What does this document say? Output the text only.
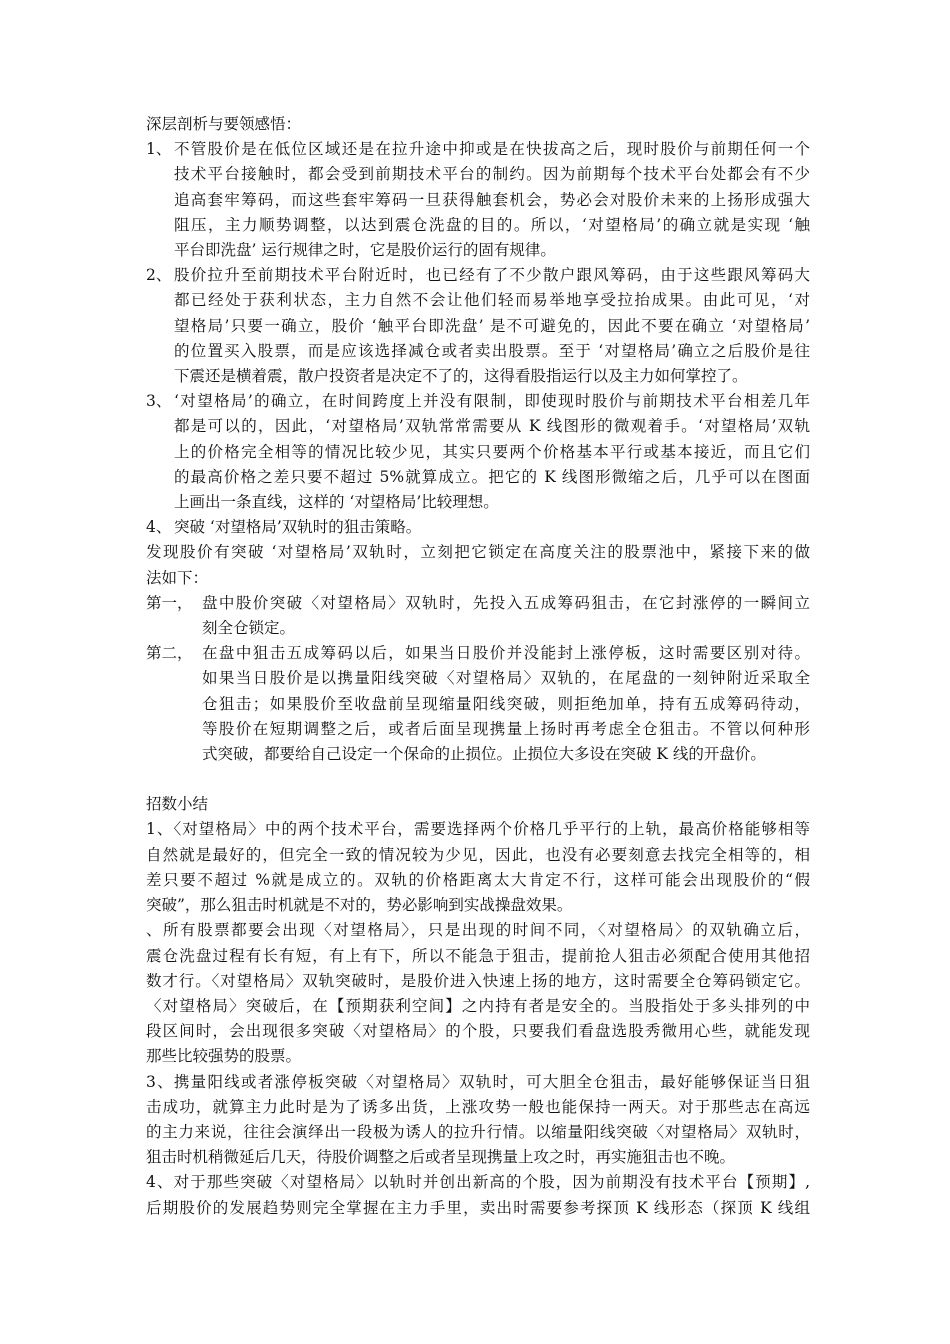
深层剖析与要领感悟：
1、 不管股价是在低位区域还是在拉升途中抑或是在快拔高之后，现时股价与前期任何一个
技术平台接触时，都会受到前期技术平台的制约。因为前期每个技术平台处都会有不少
追高套牢筹码，而这些套牢筹码一旦获得触套机会，势必会对股价未来的上扬形成强大
阻压，主力顺势调整，以达到震仓洗盘的目的。所以，‘对望格局’的确立就是实现 ‘触
平台即洗盘’ 运行规律之时，它是股价运行的固有规律。
2、 股价拉升至前期技术平台附近时，也已经有了不少散户跟风筹码，由于这些跟风筹码大
都已经处于获利状态，主力自然不会让他们轻而易举地享受拉抬成果。由此可见，‘对
望格局’只要一确立，股价 ‘触平台即洗盘’ 是不可避免的，因此不要在确立 ‘对望格局’
的位置买入股票，而是应该选择减仓或者卖出股票。至于 ‘对望格局’确立之后股价是往
下震还是横着震，散户投资者是决定不了的，这得看股指运行以及主力如何掌控了。
3、 ‘对望格局’的确立，在时间跨度上并没有限制，即使现时股价与前期技术平台相差几年
都是可以的，因此，‘对望格局’双轨常常需要从 K 线图形的微观着手。‘对望格局’双轨
上的价格完全相等的情况比较少见，其实只要两个价格基本平行或基本接近，而且它们
的最高价格之差只要不超过 5%就算成立。把它的 K 线图形微缩之后，几乎可以在图面
上画出一条直线，这样的 ‘对望格局’比较理想。
4、 突破 ‘对望格局’双轨时的狙击策略。
发现股价有突破 ‘对望格局’双轨时，立刻把它锁定在高度关注的股票池中，紧接下来的做
法如下：
第一， 盘中股价突破〈对望格局〉双轨时，先投入五成筹码狙击，在它封涨停的一瞬间立
刻全仓锁定。
第二， 在盘中狙击五成筹码以后，如果当日股价并没能封上涨停板，这时需要区别对待。
如果当日股价是以携量阳线突破〈对望格局〉双轨的，在尾盘的一刻钟附近采取全
仓狙击；如果股价至收盘前呈现缩量阳线突破，则拒绝加单，持有五成筹码待动，
等股价在短期调整之后，或者后面呈现携量上扬时再考虑全仓狙击。不管以何种形
式突破，都要给自己设定一个保命的止损位。止损位大多设在突破 K 线的开盘价。
招数小结
1、〈对望格局〉中的两个技术平台，需要选择两个价格几乎平行的上轨，最高价格能够相等
自然就是最好的，但完全一致的情况较为少见，因此，也没有必要刻意去找完全相等的，相
差只要不超过 %就是成立的。双轨的价格距离太大肯定不行，这样可能会出现股价的“假
突破”，那么狙击时机就是不对的，势必影响到实战操盘效果。
、所有股票都要会出现〈对望格局〉，只是出现的时间不同，〈对望格局〉的双轨确立后，
震仓洗盘过程有长有短，有上有下，所以不能急于狙击，提前抢人狙击必须配合使用其他招
数才行。〈对望格局〉双轨突破时，是股价进入快速上扬的地方，这时需要全仓筹码锁定它。
〈对望格局〉突破后，在【预期获利空间】之内持有者是安全的。当股指处于多头排列的中
段区间时，会出现很多突破〈对望格局〉的个股，只要我们看盘选股秀微用心些，就能发现
那些比较强势的股票。
3、携量阳线或者涨停板突破〈对望格局〉双轨时，可大胆全仓狙击，最好能够保证当日狙
击成功，就算主力此时是为了诱多出货，上涨攻势一般也能保持一两天。对于那些志在高远
的主力来说，往往会演绎出一段极为诱人的拉升行情。以缩量阳线突破〈对望格局〉双轨时，
狙击时机稍微延后几天，待股价调整之后或者呈现携量上攻之时，再实施狙击也不晚。
4、对于那些突破〈对望格局〉以轨时并创出新高的个股，因为前期没有技术平台【预期】,
后期股价的发展趋势则完全掌握在主力手里，卖出时需要参考探顶 K 线形态（探顶 K 线组
